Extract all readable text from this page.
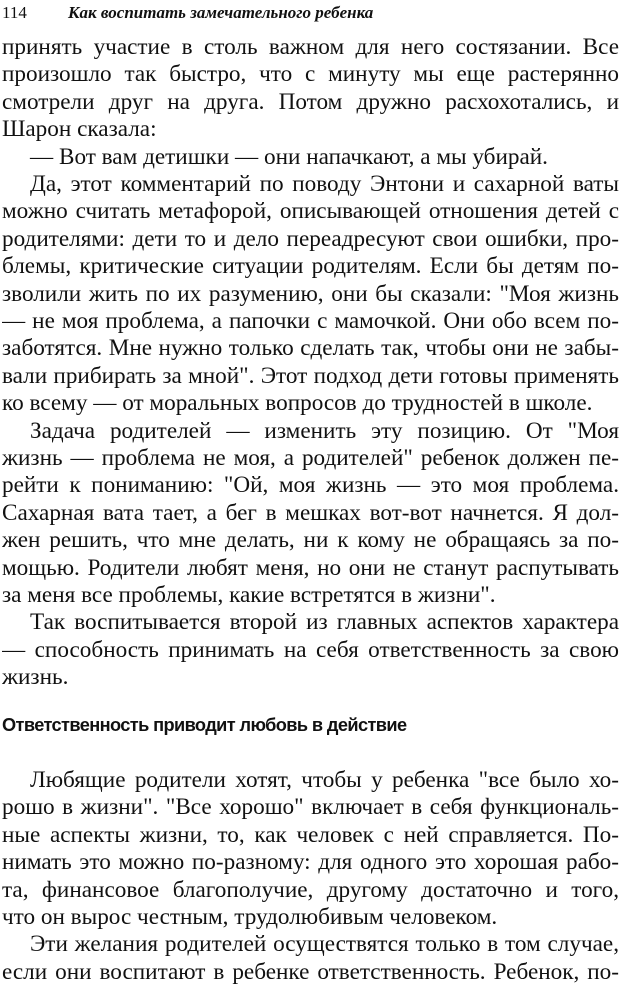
114 Как воспитать замечательного ребенка
принять участие в столь важном для него состязании. Все
произошло так быстро, что с минуту мы еще растерянно
смотрели друг на друга. Потом дружно расхохотались, и
Шарон сказала:
— Вот вам детишки — они напачкают, а мы убирай.
Да, этот комментарий по поводу Энтони и сахарной ваты
можно считать метафорой, описывающей отношения детей с
родителями: дети то и дело переадресуют свои ошибки, про-
блемы, критические ситуации родителям. Если бы детям по-
зволили жить по их разумению, они бы сказали: "Моя жизнь
— не моя проблема, а папочки с мамочкой. Они обо всем по-
заботятся. Мне нужно только сделать так, чтобы они не забы-
вали прибирать за мной". Этот подход дети готовы применять
ко всему — от моральных вопросов до трудностей в школе.
Задача родителей — изменить эту позицию. От "Моя
жизнь — проблема не моя, а родителей" ребенок должен пе-
рейти к пониманию: "Ой, моя жизнь — это моя проблема.
Сахарная вата тает, а бег в мешках вот-вот начнется. Я дол-
жен решить, что мне делать, ни к кому не обращаясь за по-
мощью. Родители любят меня, но они не станут распутывать
за меня все проблемы, какие встретятся в жизни".
Так воспитывается второй из главных аспектов характера
— способность принимать на себя ответственность за свою
жизнь.
Ответственность приводит любовь в действие
Любящие родители хотят, чтобы у ребенка "все было хо-
рошо в жизни". "Все хорошо" включает в себя функциональ-
ные аспекты жизни, то, как человек с ней справляется. По-
нимать это можно по-разному: для одного это хорошая рабо-
та, финансовое благополучие, другому достаточно и того,
что он вырос честным, трудолюбивым человеком.
Эти желания родителей осуществятся только в том случае,
если они воспитают в ребенке ответственность. Ребенок, по-
